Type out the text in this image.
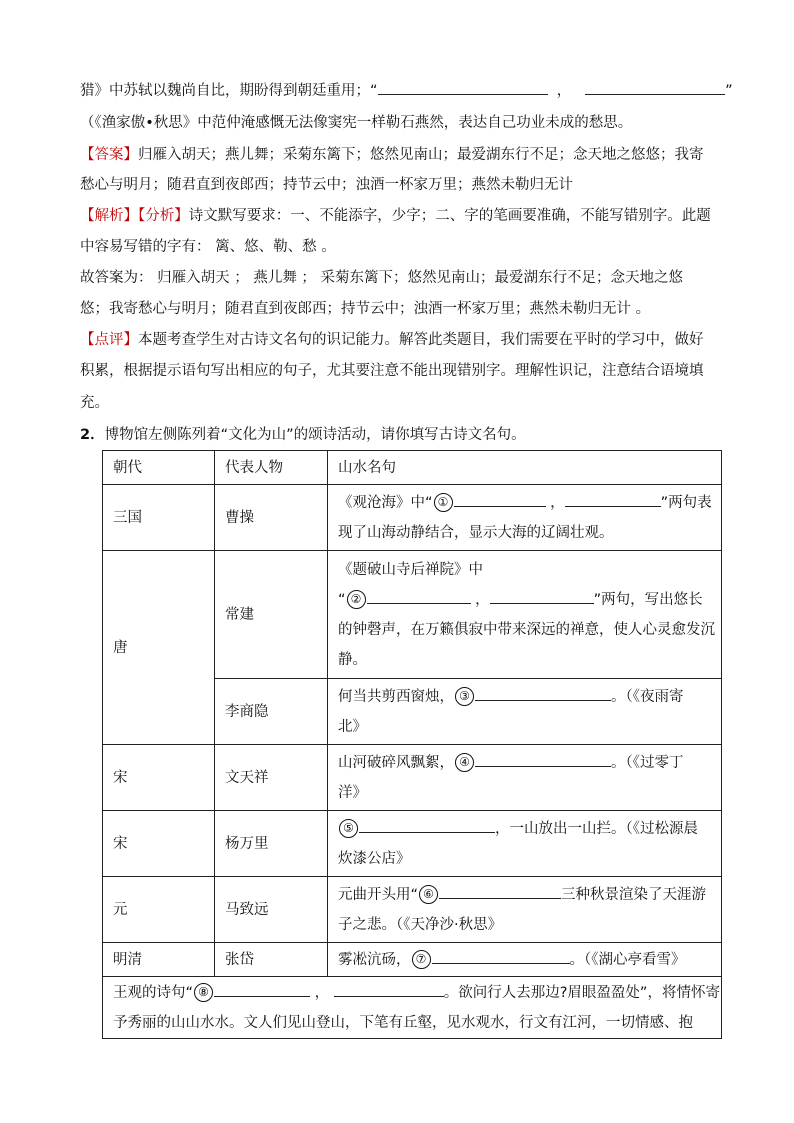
猎》中苏轼以魏尚自比，期盼得到朝廷重用；“	，	”
（《渔家傲•秋思》中范仲淹感慨无法像窦宪一样勒石燕然，表达自己功业未成的愁思。
【答案】归雁入胡天；燕儿舞；采菊东篱下；悠然见南山；最爱湖东行不足；念天地之悠悠；我寄
愁心与明月；随君直到夜郎西；持节云中；浊酒一杯家万里；燕然未勒归无计
【解析】【分析】诗文默写要求：一、不能添字，少字；二、字的笔画要准确，不能写错别字。此题
中容易写错的字有： 篱、悠、勒、愁 。
故答案为： 归雁入胡天 ； 燕儿舞 ； 采菊东篱下；悠然见南山；最爱湖东行不足；念天地之悠
悠；我寄愁心与明月；随君直到夜郎西；持节云中；浊酒一杯家万里；燕然未勒归无计 。
【点评】本题考查学生对古诗文名句的识记能力。解答此类题目，我们需要在平时的学习中，做好
积累，根据提示语句写出相应的句子，尤其要注意不能出现错别字。理解性识记，注意结合语境填
充。
2．博物馆左侧陈列着“文化为山”的颂诗活动，请你填写古诗文名句。
朝代	代表人物	山水名句
三国	曹操	《观沧海》中“ ① ， ”两句表
现了山海动静结合，显示大海的辽阔壮观。

唐	常建	《题破山寺后禅院》中
“ ② ， ”两句，写出悠长
的钟磬声，在万籁俱寂中带来深远的禅意，使人心灵愈发沉
静。

	李商隐	何当共剪西窗烛， ③ 。（《夜雨寄
北》

宋	文天祥	山河破碎风飘絮， ④ 。（《过零丁
洋》

宋	杨万里	⑤ ，一山放出一山拦。（《过松源晨
炊漆公店》

元	马致远	元曲开头用“ ⑥ 三种秋景渲染了天涯游
子之悲。（《天净沙·秋思》

明清	张岱	雾凇沆砀， ⑦ 。（《湖心亭看雪》

王观的诗句“ ⑧ ， 。欲问行人去那边?眉眼盈盈处”，将情怀寄
予秀丽的山山水水。文人们见山登山，下笔有丘壑，见水观水，行文有江河，一切情感、抱		
